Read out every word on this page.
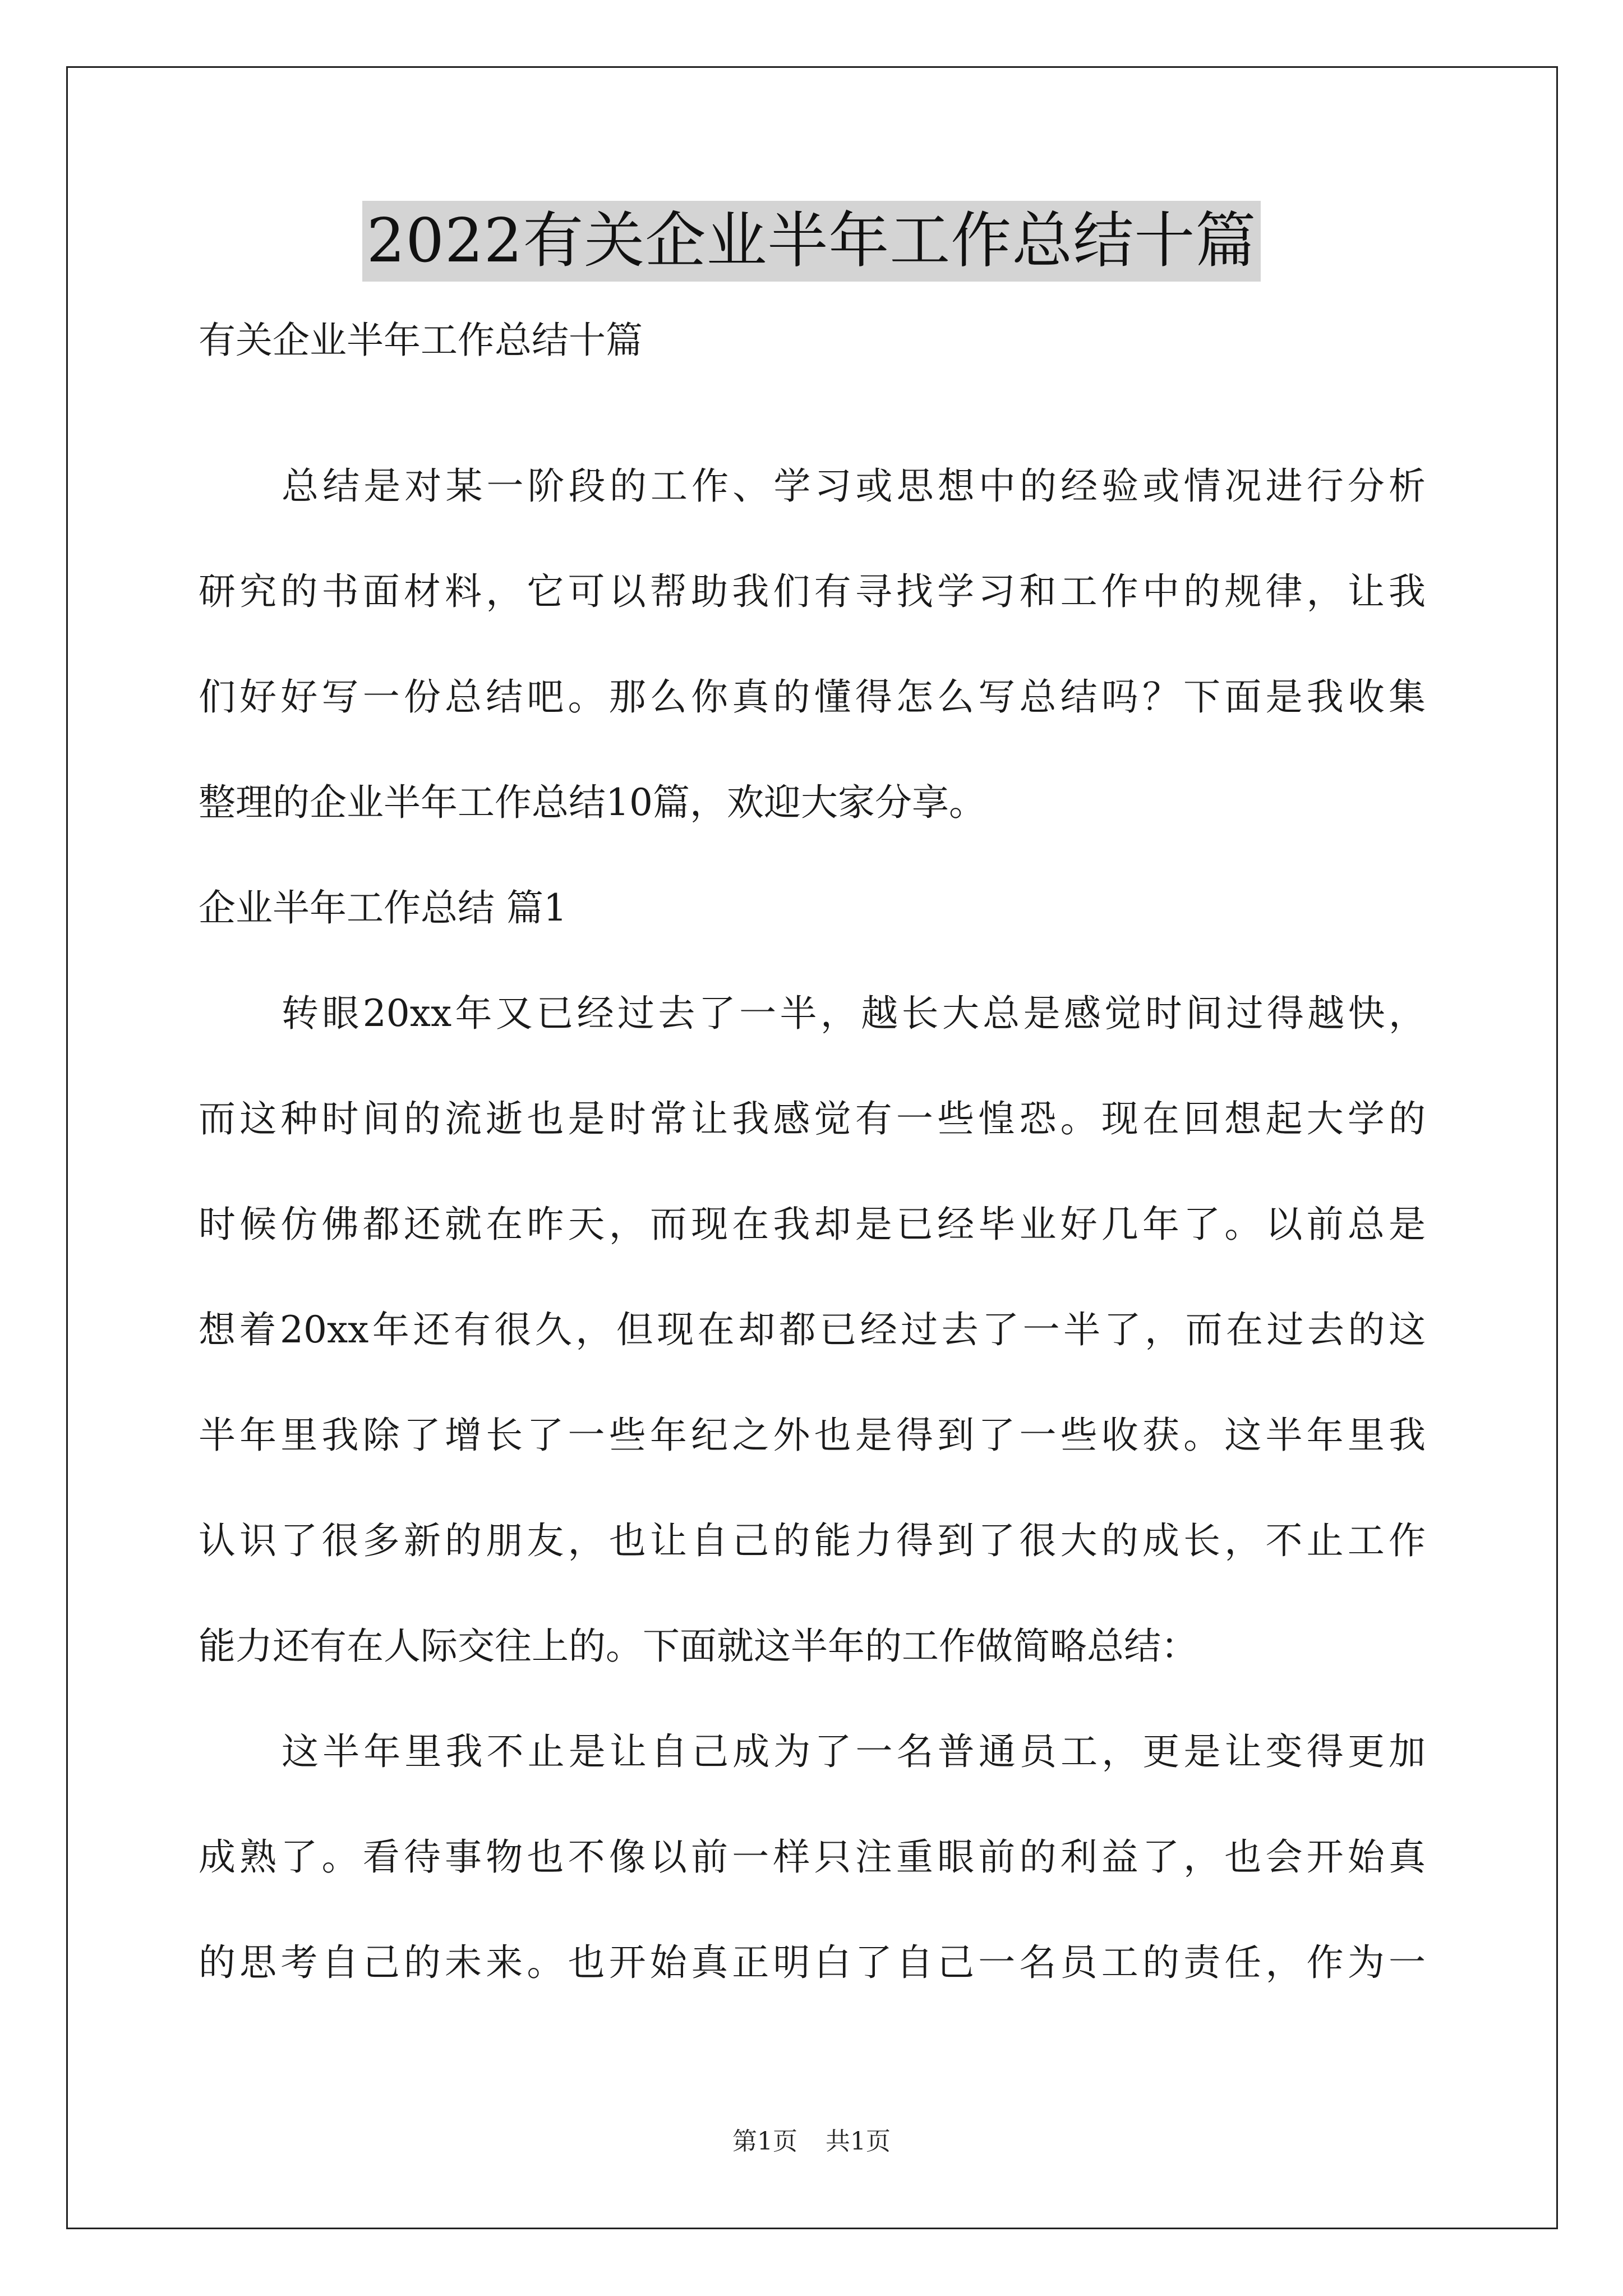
2022有关企业半年工作总结十篇
有关企业半年工作总结十篇
总结是对某一阶段的工作、学习或思想中的经验或情况进行分析
研究的书面材料，它可以帮助我们有寻找学习和工作中的规律，让我
们好好写一份总结吧。那么你真的懂得怎么写总结吗？下面是我收集
整理的企业半年工作总结10篇，欢迎大家分享。
企业半年工作总结 篇1
转眼20xx年又已经过去了一半，越长大总是感觉时间过得越快，
而这种时间的流逝也是时常让我感觉有一些惶恐。现在回想起大学的
时候仿佛都还就在昨天，而现在我却是已经毕业好几年了。以前总是
想着20xx年还有很久，但现在却都已经过去了一半了，而在过去的这
半年里我除了增长了一些年纪之外也是得到了一些收获。这半年里我
认识了很多新的朋友，也让自己的能力得到了很大的成长，不止工作
能力还有在人际交往上的。下面就这半年的工作做简略总结：
这半年里我不止是让自己成为了一名普通员工，更是让变得更加
成熟了。看待事物也不像以前一样只注重眼前的利益了，也会开始真
的思考自己的未来。也开始真正明白了自己一名员工的责任，作为一
第1页 共1页
